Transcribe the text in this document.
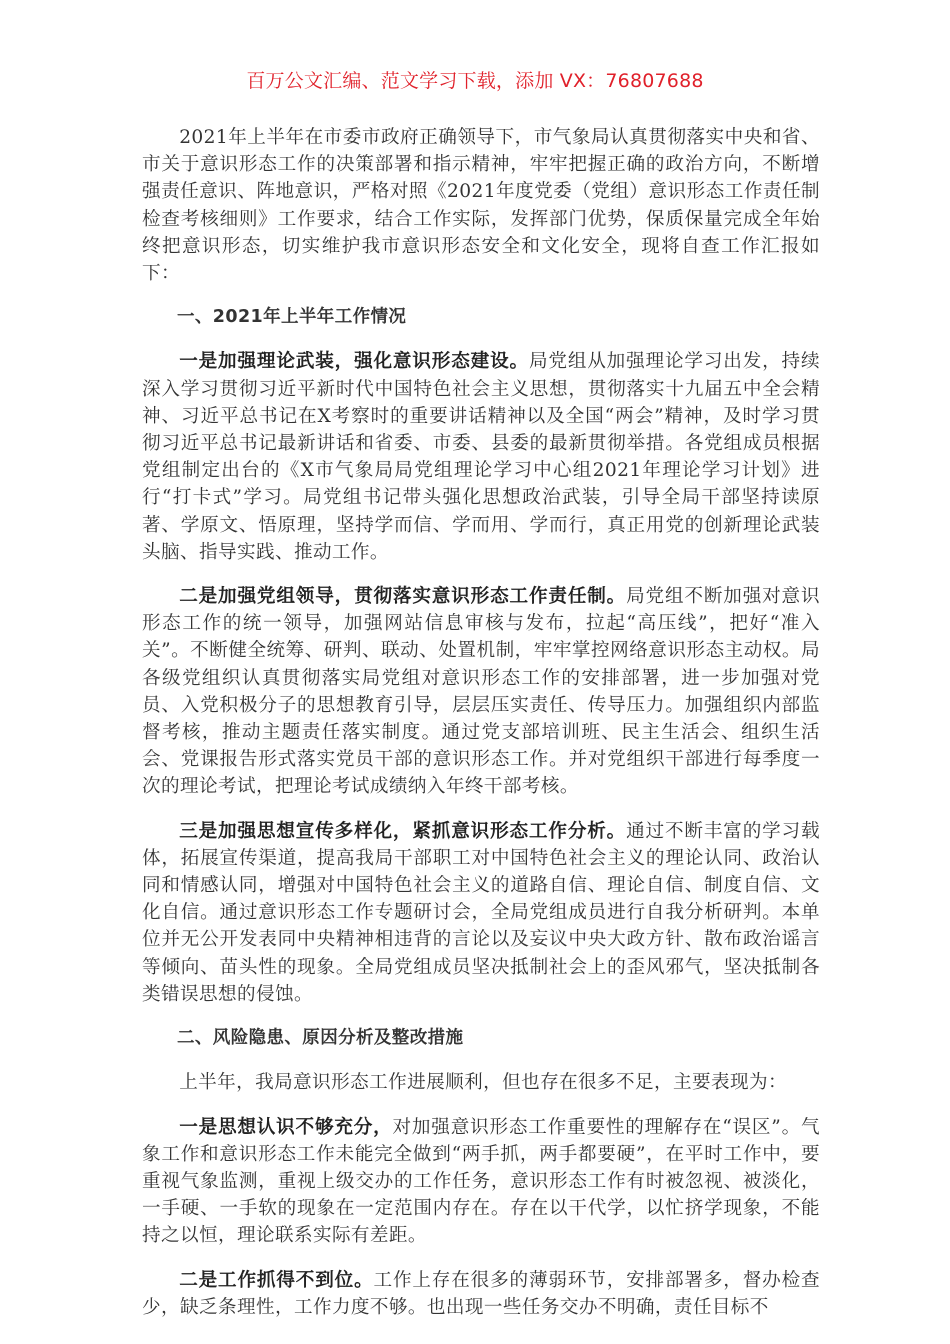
百万公文汇编、范文学习下载，添加 VX：76807688

2021年上半年在市委市政府正确领导下，市气象局认真贯彻落实中央和省、市关于意识形态工作的决策部署和指示精神，牢牢把握正确的政治方向，不断增强责任意识、阵地意识，严格对照《2021年度党委（党组）意识形态工作责任制检查考核细则》工作要求，结合工作实际，发挥部门优势，保质保量完成全年始终把意识形态，切实维护我市意识形态安全和文化安全，现将自查工作汇报如下：

一、2021年上半年工作情况

一是加强理论武装，强化意识形态建设。局党组从加强理论学习出发，持续深入学习贯彻习近平新时代中国特色社会主义思想，贯彻落实十九届五中全会精神、习近平总书记在X考察时的重要讲话精神以及全国“两会”精神，及时学习贯彻习近平总书记最新讲话和省委、市委、县委的最新贯彻举措。各党组成员根据党组制定出台的《X市气象局局党组理论学习中心组2021年理论学习计划》进行“打卡式”学习。局党组书记带头强化思想政治武装，引导全局干部坚持读原著、学原文、悟原理，坚持学而信、学而用、学而行，真正用党的创新理论武装头脑、指导实践、推动工作。

二是加强党组领导，贯彻落实意识形态工作责任制。局党组不断加强对意识形态工作的统一领导，加强网站信息审核与发布，拉起“高压线”，把好“准入关”。不断健全统筹、研判、联动、处置机制，牢牢掌控网络意识形态主动权。局各级党组织认真贯彻落实局党组对意识形态工作的安排部署，进一步加强对党员、入党积极分子的思想教育引导，层层压实责任、传导压力。加强组织内部监督考核，推动主题责任落实制度。通过党支部培训班、民主生活会、组织生活会、党课报告形式落实党员干部的意识形态工作。并对党组织干部进行每季度一次的理论考试，把理论考试成绩纳入年终干部考核。

三是加强思想宣传多样化，紧抓意识形态工作分析。通过不断丰富的学习载体，拓展宣传渠道，提高我局干部职工对中国特色社会主义的理论认同、政治认同和情感认同，增强对中国特色社会主义的道路自信、理论自信、制度自信、文化自信。通过意识形态工作专题研讨会，全局党组成员进行自我分析研判。本单位并无公开发表同中央精神相违背的言论以及妄议中央大政方针、散布政治谣言等倾向、苗头性的现象。全局党组成员坚决抵制社会上的歪风邪气，坚决抵制各类错误思想的侵蚀。

二、风险隐患、原因分析及整改措施

上半年，我局意识形态工作进展顺利，但也存在很多不足，主要表现为：

一是思想认识不够充分，对加强意识形态工作重要性的理解存在“误区”。气象工作和意识形态工作未能完全做到“两手抓，两手都要硬”，在平时工作中，要重视气象监测，重视上级交办的工作任务，意识形态工作有时被忽视、被淡化，一手硬、一手软的现象在一定范围内存在。存在以干代学，以忙挤学现象，不能持之以恒，理论联系实际有差距。

二是工作抓得不到位。工作上存在很多的薄弱环节，安排部署多，督办检查少，缺乏条理性，工作力度不够。也出现一些任务交办不明确，责任目标不
